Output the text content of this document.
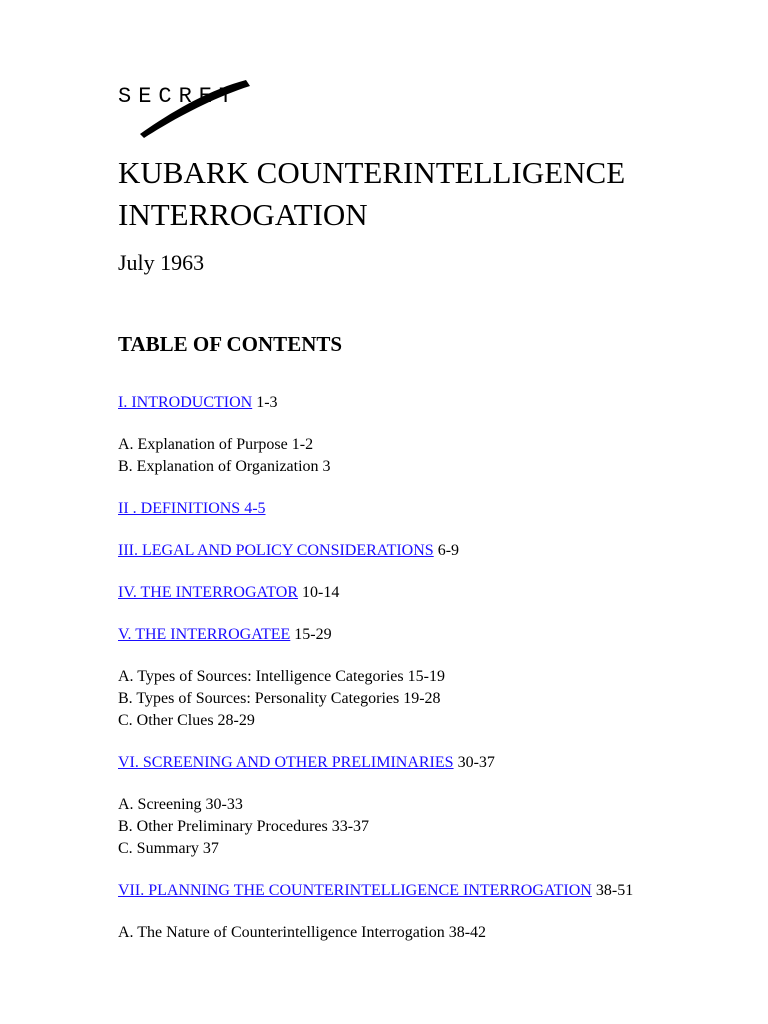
SECRET
KUBARK COUNTERINTELLIGENCE INTERROGATION
July 1963
TABLE OF CONTENTS

I. INTRODUCTION 1-3

A. Explanation of Purpose 1-2

B. Explanation of Organization 3

II . DEFINITIONS 4-5

III. LEGAL AND POLICY CONSIDERATIONS 6-9

IV. THE INTERROGATOR 10-14

V. THE INTERROGATEE 15-29

A. Types of Sources: Intelligence Categories 15-19

B. Types of Sources: Personality Categories 19-28

C. Other Clues 28-29

VI. SCREENING AND OTHER PRELIMINARIES 30-37

A. Screening 30-33

B. Other Preliminary Procedures 33-37

C. Summary 37

VII. PLANNING THE COUNTERINTELLIGENCE INTERROGATION 38-51

A. The Nature of Counterintelligence Interrogation 38-42
